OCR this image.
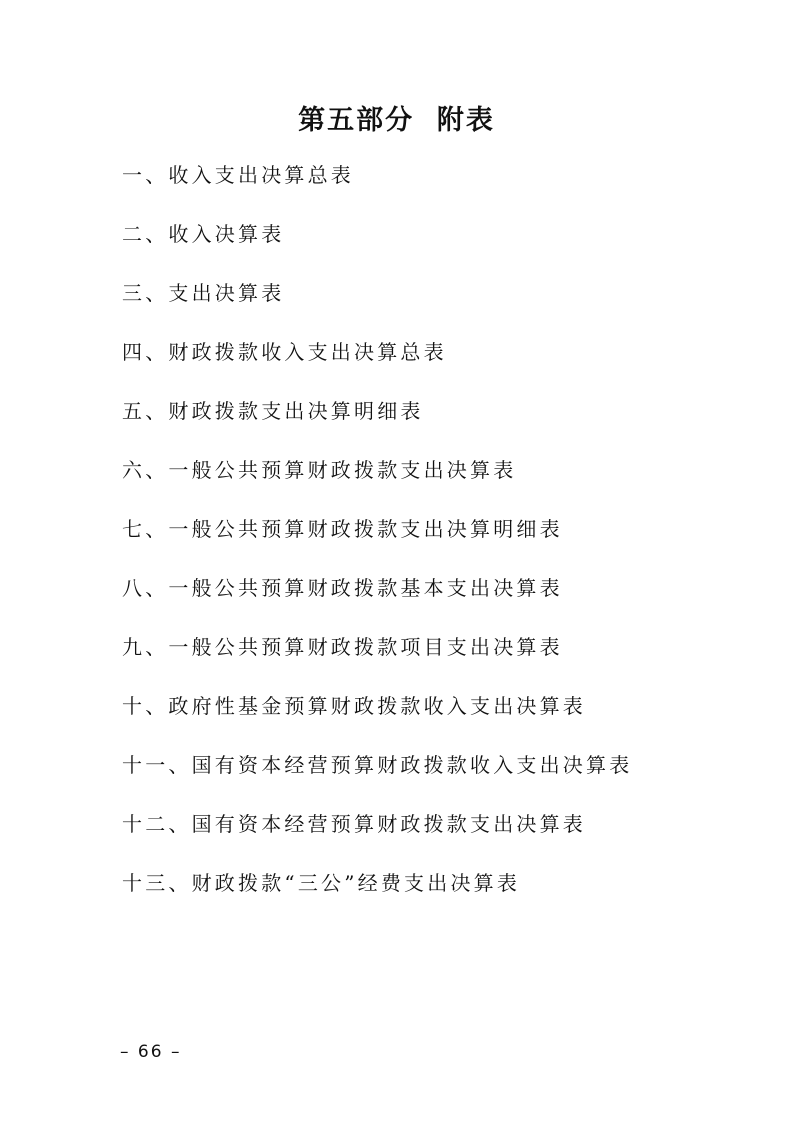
第五部分  附表
一、收入支出决算总表
二、收入决算表
三、支出决算表
四、财政拨款收入支出决算总表
五、财政拨款支出决算明细表
六、一般公共预算财政拨款支出决算表
七、一般公共预算财政拨款支出决算明细表
八、一般公共预算财政拨款基本支出决算表
九、一般公共预算财政拨款项目支出决算表
十、政府性基金预算财政拨款收入支出决算表
十一、国有资本经营预算财政拨款收入支出决算表
十二、国有资本经营预算财政拨款支出决算表
十三、财政拨款“三公”经费支出决算表
– 66 –
